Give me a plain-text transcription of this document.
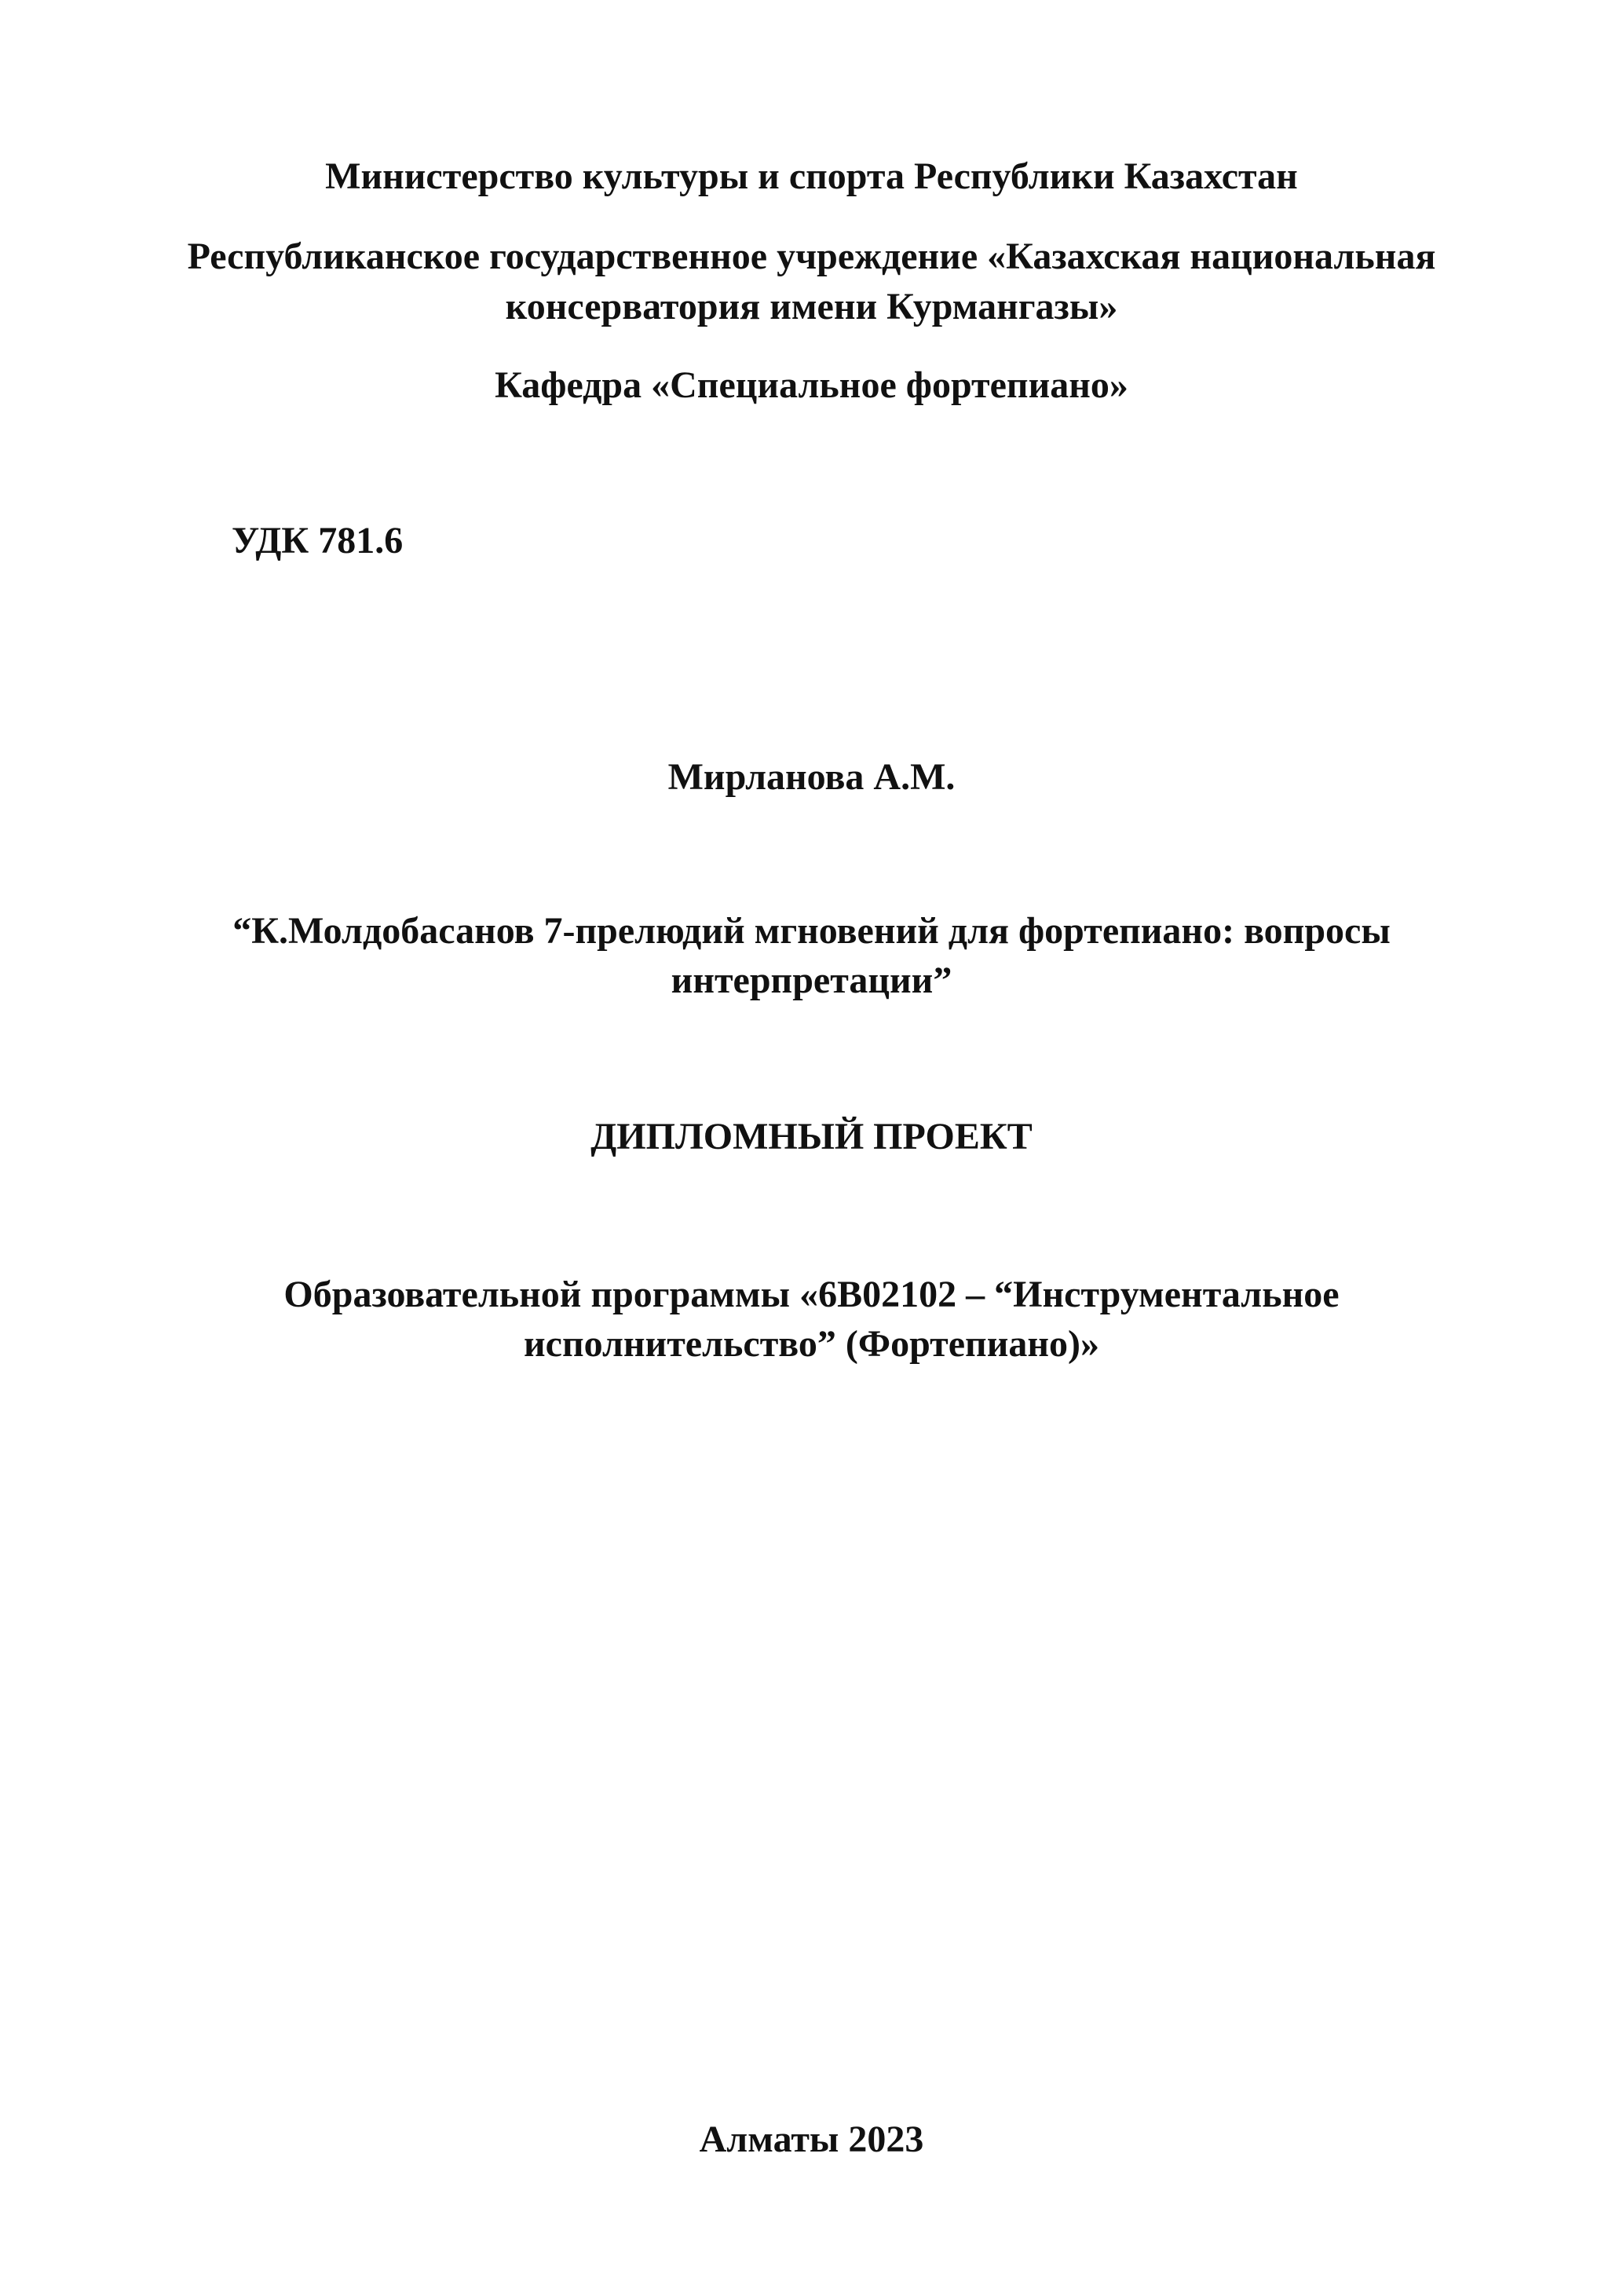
Министерство культуры и спорта Республики Казахстан
Республиканское государственное учреждение «Казахская национальная
консерватория имени Курмангазы»
Кафедра «Специальное фортепиано»
УДК 781.6
Мирланова А.М.
“К.Молдобасанов 7-прелюдий мгновений для фортепиано: вопросы
интерпретации”
ДИПЛОМНЫЙ ПРОЕКТ
Образовательной программы «6В02102 – “Инструментальное
исполнительство” (Фортепиано)»
Алматы 2023
